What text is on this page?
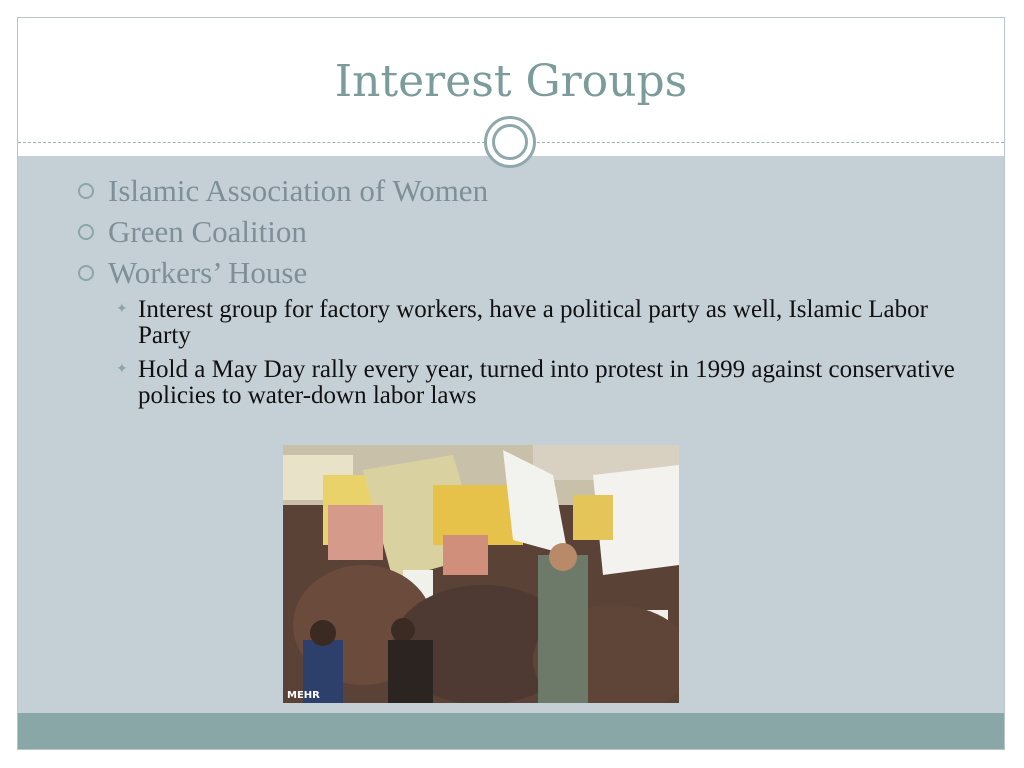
Interest Groups
Islamic Association of Women
Green Coalition
Workers’ House
✦ Interest group for factory workers, have a political party as well, Islamic Labor Party
✦ Hold a May Day rally every year, turned into protest in 1999 against conservative policies to water-down labor laws
MEHR
